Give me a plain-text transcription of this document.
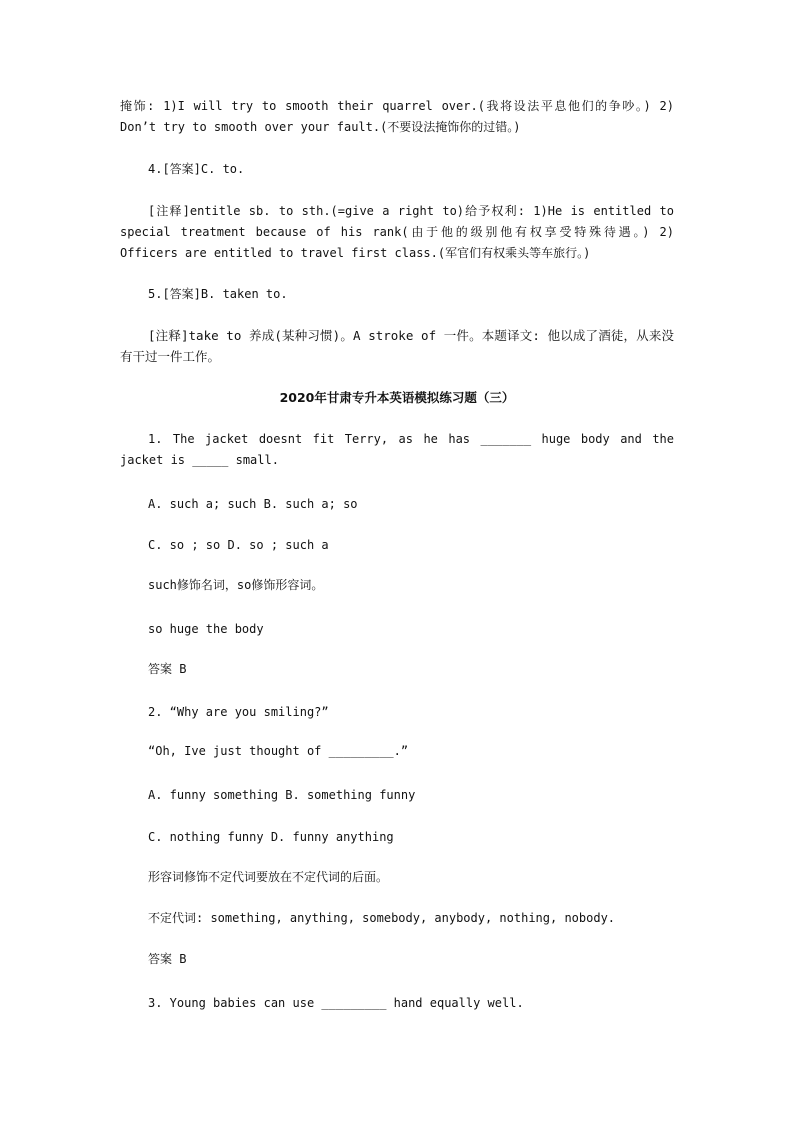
掩饰: 1)I will try to smooth their quarrel over.(我将设法平息他们的争吵。) 2) Don’t try to smooth over your fault.(不要设法掩饰你的过错。)

4.[答案]C. to.

[注释]entitle sb. to sth.(=give a right to)给予权利: 1)He is entitled to special treatment because of his rank(由于他的级别他有权享受特殊待遇。) 2) Officers are entitled to travel first class.(军官们有权乘头等车旅行。)

5.[答案]B. taken to.

[注释]take to 养成(某种习惯)。A stroke of 一件。本题译文: 他以成了酒徒，从来没有干过一件工作。

2020年甘肃专升本英语模拟练习题（三）

1. The jacket doesnt fit Terry, as he has _______ huge body and the jacket is _____ small.

A. such a; such B. such a; so

C. so ; so D. so ; such a

such修饰名词，so修饰形容词。

so huge the body

答案 B

2. “Why are you smiling?”

“Oh, Ive just thought of _________.”

A. funny something B. something funny

C. nothing funny D. funny anything

形容词修饰不定代词要放在不定代词的后面。

不定代词: something, anything, somebody, anybody, nothing, nobody.

答案 B

3. Young babies can use _________ hand equally well.
